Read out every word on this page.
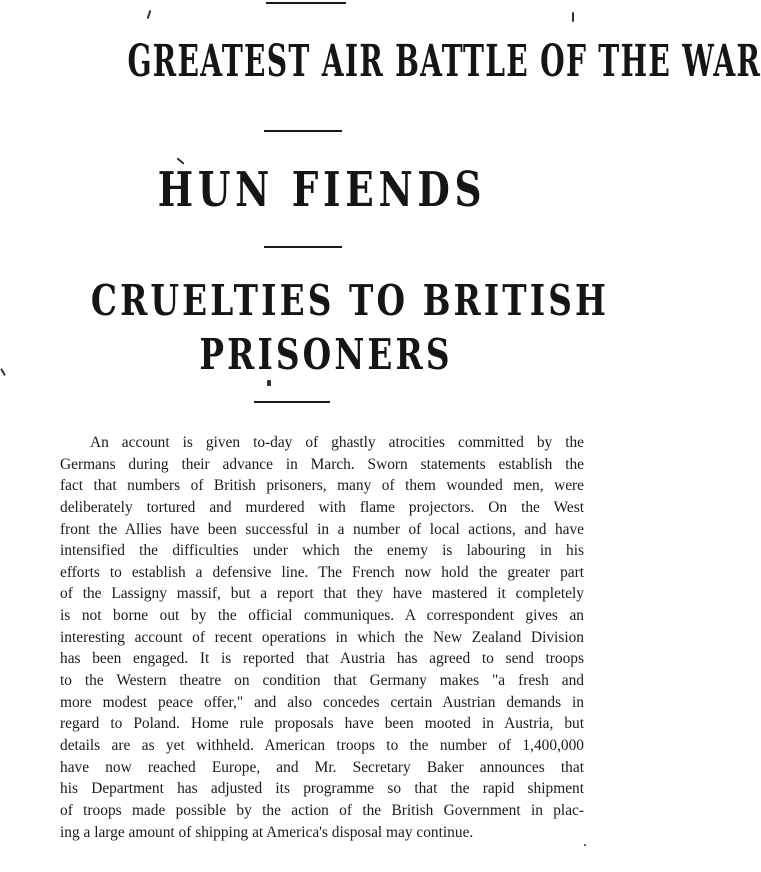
GREATEST AIR BATTLE OF THE WAR
HUN FIENDS
CRUELTIES TO BRITISH
PRISONERS
An account is given to-day of ghastly atrocities committed by the
Germans during their advance in March. Sworn statements establish the
fact that numbers of British prisoners, many of them wounded men, were
deliberately tortured and murdered with flame projectors. On the West
front the Allies have been successful in a number of local actions, and have
intensified the difficulties under which the enemy is labouring in his
efforts to establish a defensive line. The French now hold the greater part
of the Lassigny massif, but a report that they have mastered it completely
is not borne out by the official communiques. A correspondent gives an
interesting account of recent operations in which the New Zealand Division
has been engaged. It is reported that Austria has agreed to send troops
to the Western theatre on condition that Germany makes "a fresh and
more modest peace offer," and also concedes certain Austrian demands in
regard to Poland. Home rule proposals have been mooted in Austria, but
details are as yet withheld. American troops to the number of 1,400,000
have now reached Europe, and Mr. Secretary Baker announces that
his Department has adjusted its programme so that the rapid shipment
of troops made possible by the action of the British Government in plac-
ing a large amount of shipping at America's disposal may continue.
